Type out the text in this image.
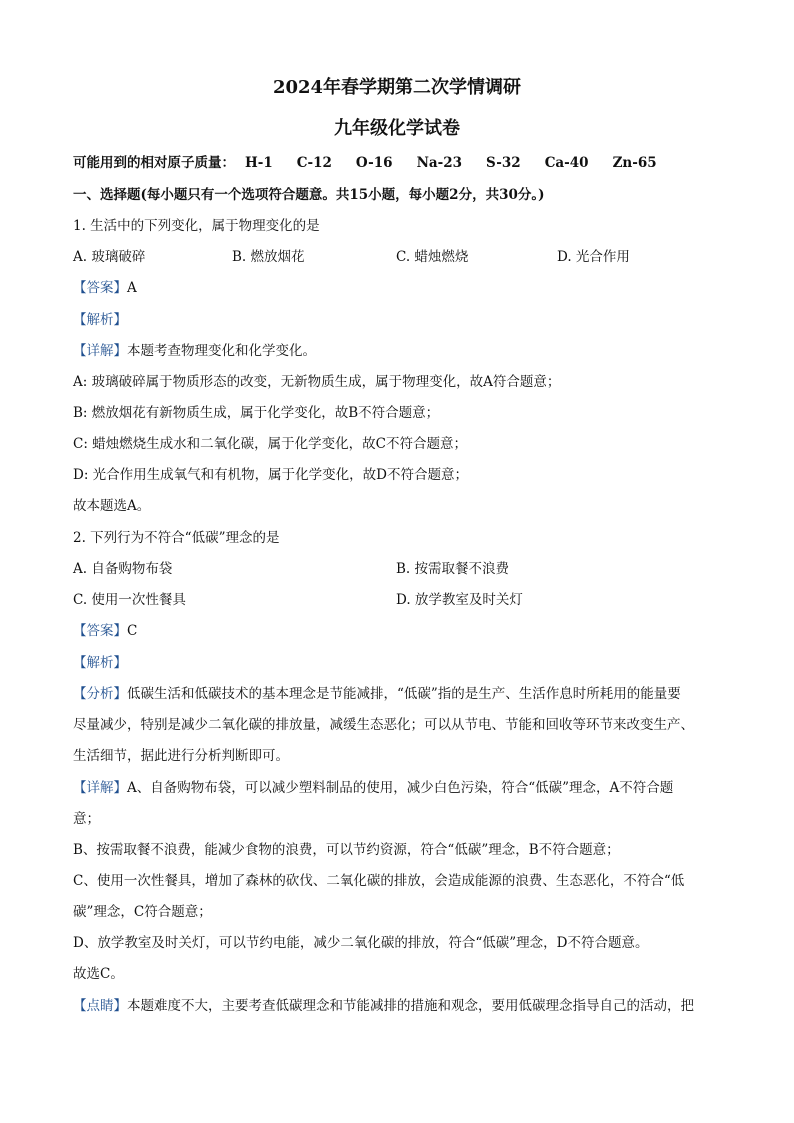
2024年春学期第二次学情调研
九年级化学试卷
可能用到的相对原子质量： H-1 C-12 O-16 Na-23 S-32 Ca-40 Zn-65
一、选择题(每小题只有一个选项符合题意。共15小题，每小题2分，共30分。)
1. 生活中的下列变化，属于物理变化的是
A. 玻璃破碎	B. 燃放烟花	C. 蜡烛燃烧	D. 光合作用
【答案】A
【解析】
【详解】本题考查物理变化和化学变化。
A: 玻璃破碎属于物质形态的改变，无新物质生成，属于物理变化，故A符合题意；
B: 燃放烟花有新物质生成，属于化学变化，故B不符合题意；
C: 蜡烛燃烧生成水和二氧化碳，属于化学变化，故C不符合题意；
D: 光合作用生成氧气和有机物，属于化学变化，故D不符合题意；
故本题选A。
2. 下列行为不符合“低碳”理念的是
A. 自备购物布袋	B. 按需取餐不浪费
C. 使用一次性餐具	D. 放学教室及时关灯
【答案】C
【解析】
【分析】低碳生活和低碳技术的基本理念是节能减排，“低碳”指的是生产、生活作息时所耗用的能量要
尽量减少，特别是减少二氧化碳的排放量，减缓生态恶化；可以从节电、节能和回收等环节来改变生产、
生活细节，据此进行分析判断即可。
【详解】A、自备购物布袋，可以减少塑料制品的使用，减少白色污染，符合“低碳”理念，A不符合题
意；
B、按需取餐不浪费，能减少食物的浪费，可以节约资源，符合“低碳”理念，B不符合题意；
C、使用一次性餐具，增加了森林的砍伐、二氧化碳的排放，会造成能源的浪费、生态恶化，不符合“低
碳”理念，C符合题意；
D、放学教室及时关灯，可以节约电能，减少二氧化碳的排放，符合“低碳”理念，D不符合题意。
故选C。
【点睛】本题难度不大，主要考查低碳理念和节能减排的措施和观念，要用低碳理念指导自己的活动，把
